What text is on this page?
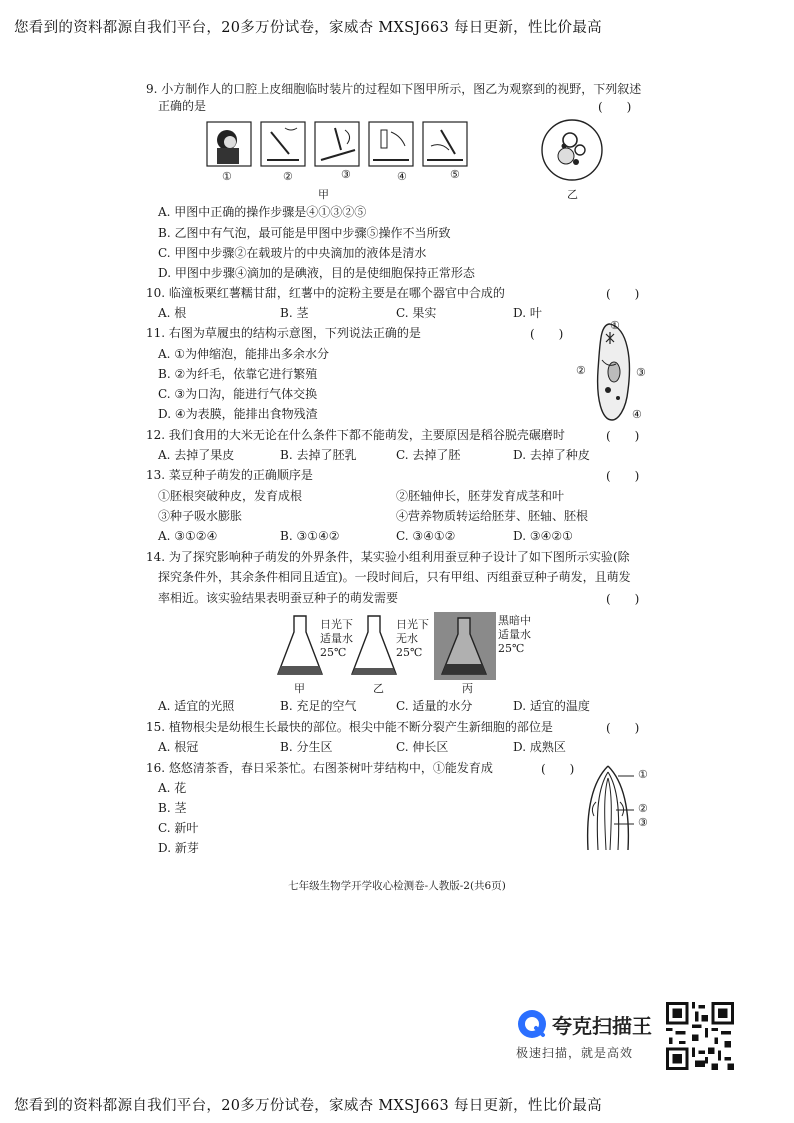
您看到的资料都源自我们平台，20多万份试卷，家威杏 MXSJ663 每日更新，性比价最高
9. 小方制作人的口腔上皮细胞临时装片的过程如下图甲所示，图乙为观察到的视野，下列叙述
正确的是	(　　)
①	②	③	④	⑤
甲	乙
A. 甲图中正确的操作步骤是④①③②⑤
B. 乙图中有气泡，最可能是甲图中步骤⑤操作不当所致
C. 甲图中步骤②在载玻片的中央滴加的液体是清水
D. 甲图中步骤④滴加的是碘液，目的是使细胞保持正常形态
10. 临潼板栗红薯糯甘甜，红薯中的淀粉主要是在哪个器官中合成的	(　　)
A. 根	B. 茎	C. 果实	D. 叶
11. 右图为草履虫的结构示意图，下列说法正确的是	(　　)
A. ①为伸缩泡，能排出多余水分
B. ②为纤毛，依靠它进行繁殖
C. ③为口沟，能进行气体交换
D. ④为表膜，能排出食物残渣
①
②	③
④
12. 我们食用的大米无论在什么条件下都不能萌发，主要原因是稻谷脱壳碾磨时	(　　)
A. 去掉了果皮	B. 去掉了胚乳	C. 去掉了胚	D. 去掉了种皮
13. 菜豆种子萌发的正确顺序是	(　　)
①胚根突破种皮，发育成根	②胚轴伸长，胚芽发育成茎和叶
③种子吸水膨胀	④营养物质转运给胚芽、胚轴、胚根
A. ③①②④	B. ③①④②	C. ③④①②	D. ③④②①
14. 为了探究影响种子萌发的外界条件，某实验小组利用蚕豆种子设计了如下图所示实验(除
探究条件外，其余条件相同且适宜)。一段时间后，只有甲组、丙组蚕豆种子萌发，且萌发
率相近。该实验结果表明蚕豆种子的萌发需要	(　　)
日光下
适量水
25℃
日光下
无水
25℃
黑暗中
适量水
25℃
甲	乙	丙
A. 适宜的光照	B. 充足的空气	C. 适量的水分	D. 适宜的温度
15. 植物根尖是幼根生长最快的部位。根尖中能不断分裂产生新细胞的部位是	(　　)
A. 根冠	B. 分生区	C. 伸长区	D. 成熟区
16. 悠悠清茶香，春日采茶忙。右图茶树叶芽结构中，①能发育成	(　　)
A. 花
B. 茎
C. 新叶
D. 新芽
①
②
③
七年级生物学开学收心检测卷-人教版-2(共6页)
夸克扫描王
极速扫描，就是高效
您看到的资料都源自我们平台，20多万份试卷，家威杏 MXSJ663 每日更新，性比价最高
